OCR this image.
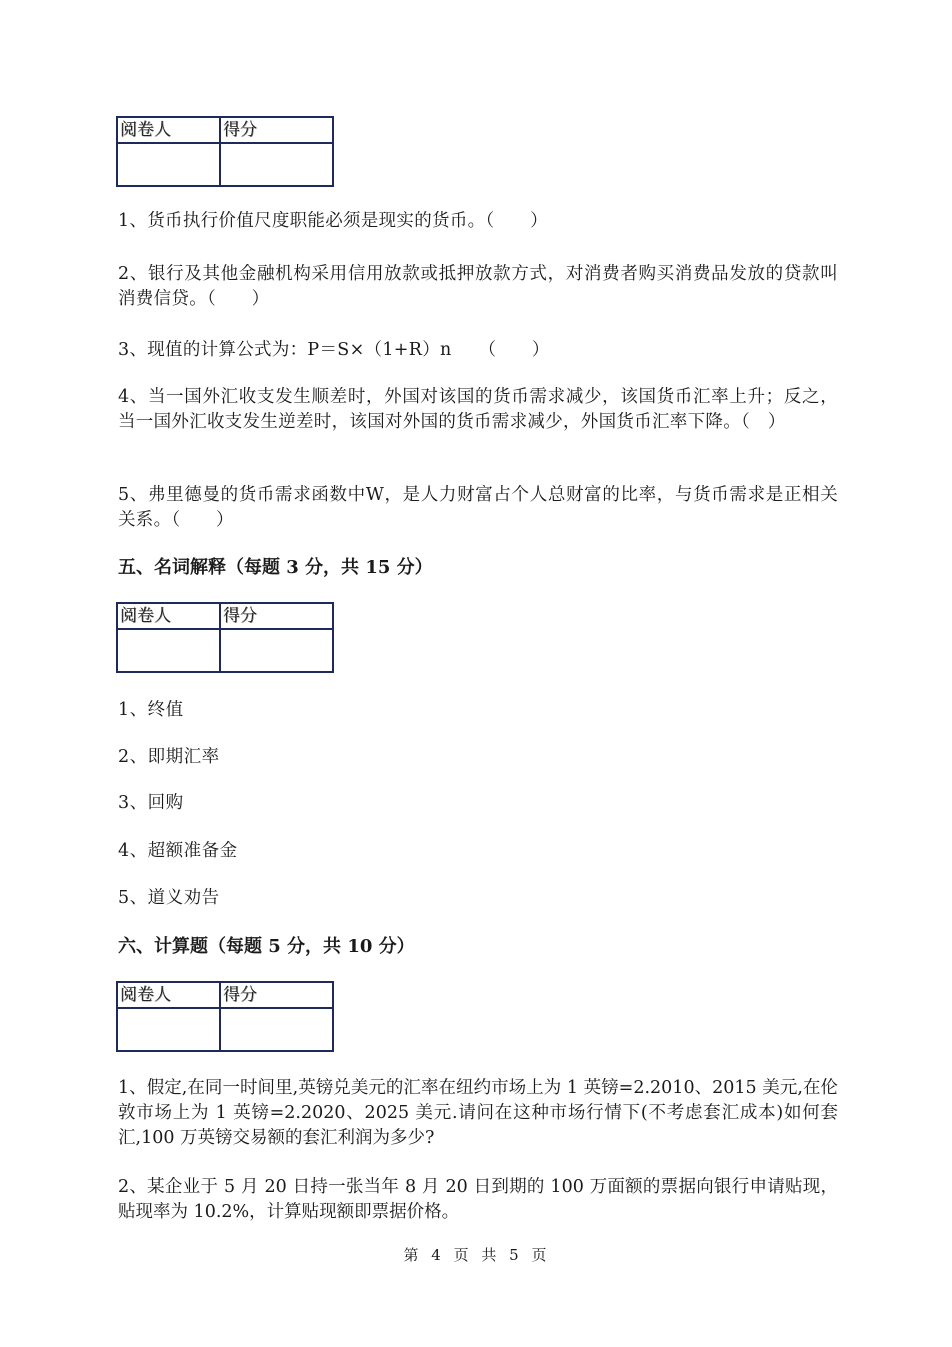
阅卷人	得分

1、货币执行价值尺度职能必须是现实的货币。（　　）

2、银行及其他金融机构采用信用放款或抵押放款方式，对消费者购买消费品发放的贷款叫消费信贷。（　　）

3、现值的计算公式为：P＝S×（1+R）n　　（　　）

4、当一国外汇收支发生顺差时，外国对该国的货币需求减少，该国货币汇率上升；反之，当一国外汇收支发生逆差时，该国对外国的货币需求减少，外国货币汇率下降。（　）

5、弗里德曼的货币需求函数中W，是人力财富占个人总财富的比率，与货币需求是正相关关系。（　　）

五、名词解释（每题 3 分，共 15 分）

阅卷人	得分

1、终值

2、即期汇率

3、回购

4、超额准备金

5、道义劝告

六、计算题（每题 5 分，共 10 分）

阅卷人	得分

1、假定,在同一时间里,英镑兑美元的汇率在纽约市场上为 1 英镑=2.2010、2015 美元,在伦敦市场上为 1 英镑=2.2020、2025 美元.请问在这种市场行情下(不考虑套汇成本)如何套汇,100 万英镑交易额的套汇利润为多少?

2、某企业于 5 月 20 日持一张当年 8 月 20 日到期的 100 万面额的票据向银行申请贴现，贴现率为 10.2%，计算贴现额即票据价格。

第 4 页 共 5 页
